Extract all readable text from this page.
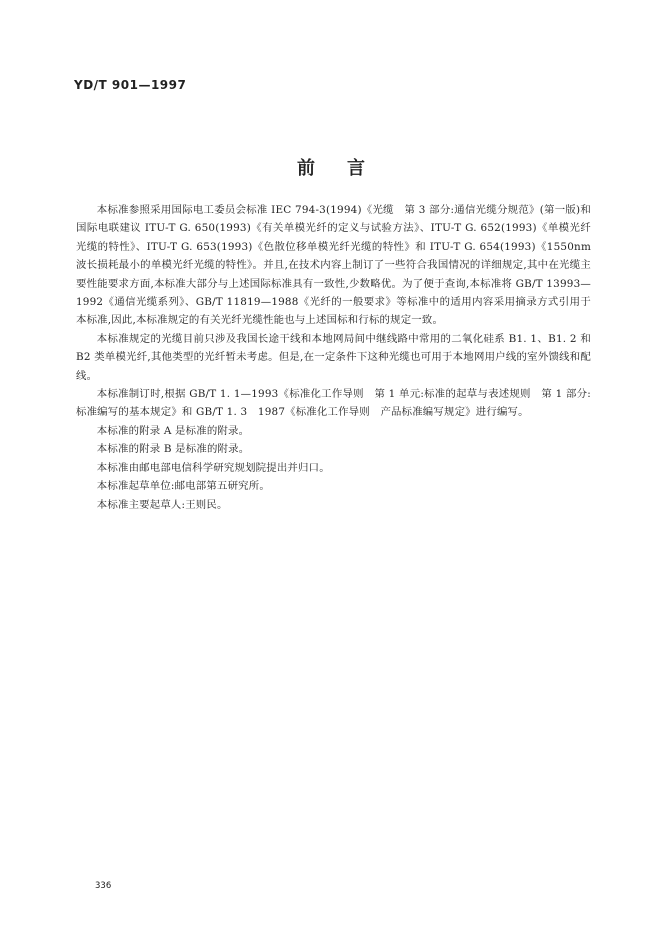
YD/T 901—1997
前言

本标准参照采用国际电工委员会标准 IEC 794-3(1994)《光缆　第 3 部分:通信光缆分规范》(第一版)和国际电联建议 ITU-T G. 650(1993)《有关单模光纤的定义与试验方法》、ITU-T G. 652(1993)《单模光纤光缆的特性》、ITU-T G. 653(1993)《色散位移单模光纤光缆的特性》和 ITU-T G. 654(1993)《1550nm 波长损耗最小的单模光纤光缆的特性》。并且,在技术内容上制订了一些符合我国情况的详细规定,其中在光缆主要性能要求方面,本标准大部分与上述国际标准具有一致性,少数略优。为了便于查询,本标准将 GB/T 13993—1992《通信光缆系列》、GB/T 11819—1988《光纤的一般要求》等标准中的适用内容采用摘录方式引用于本标准,因此,本标准规定的有关光纤光缆性能也与上述国标和行标的规定一致。

本标准规定的光缆目前只涉及我国长途干线和本地网局间中继线路中常用的二氧化硅系 B1. 1、B1. 2 和 B2 类单模光纤,其他类型的光纤暂未考虑。但是,在一定条件下这种光缆也可用于本地网用户线的室外馈线和配线。

本标准制订时,根据 GB/T 1. 1—1993《标准化工作导则　第 1 单元:标准的起草与表述规则　第 1 部分:标准编写的基本规定》和 GB/T 1. 3　1987《标准化工作导则　产品标准编写规定》进行编写。

本标准的附录 A 是标准的附录。

本标准的附录 B 是标准的附录。

本标准由邮电部电信科学研究规划院提出并归口。

本标准起草单位:邮电部第五研究所。

本标准主要起草人:王则民。

336
